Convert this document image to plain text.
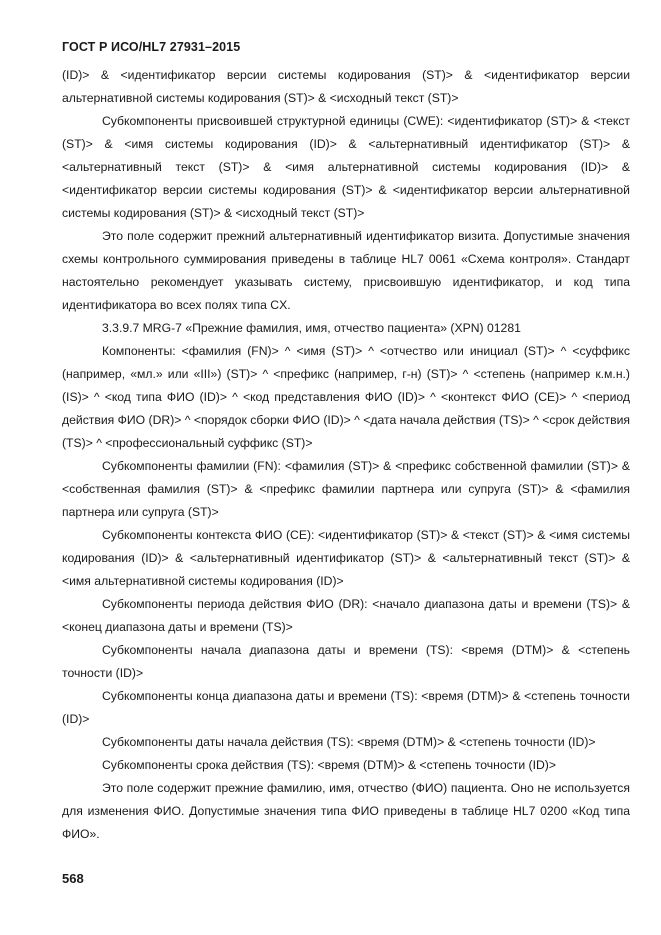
ГОСТ Р ИСО/HL7 27931–2015

(ID)> & <идентификатор версии системы кодирования (ST)> & <идентификатор версии альтернативной системы кодирования (ST)> & <исходный текст (ST)>

Субкомпоненты присвоившей структурной единицы (CWE): <идентификатор (ST)> & <текст (ST)> & <имя системы кодирования (ID)> & <альтернативный идентификатор (ST)> & <альтернативный текст (ST)> & <имя альтернативной системы кодирования (ID)> & <идентификатор версии системы кодирования (ST)> & <идентификатор версии альтернативной системы кодирования (ST)> & <исходный текст (ST)>

Это поле содержит прежний альтернативный идентификатор визита. Допустимые значения схемы контрольного суммирования приведены в таблице HL7 0061 «Схема контроля». Стандарт настоятельно рекомендует указывать систему, присвоившую идентификатор, и код типа идентификатора во всех полях типа CX.

3.3.9.7 MRG-7 «Прежние фамилия, имя, отчество пациента» (XPN) 01281

Компоненты: <фамилия (FN)> ^ <имя (ST)> ^ <отчество или инициал (ST)> ^ <суффикс (например, «мл.» или «III») (ST)> ^ <префикс (например, г-н) (ST)> ^ <степень (например к.м.н.) (IS)> ^ <код типа ФИО (ID)> ^ <код представления ФИО (ID)> ^ <контекст ФИО (CE)> ^ <период действия ФИО (DR)> ^ <порядок сборки ФИО (ID)> ^ <дата начала действия (TS)> ^ <срок действия (TS)> ^ <профессиональный суффикс (ST)>

Субкомпоненты фамилии (FN): <фамилия (ST)> & <префикс собственной фамилии (ST)> & <собственная фамилия (ST)> & <префикс фамилии партнера или супруга (ST)> & <фамилия партнера или супруга (ST)>

Субкомпоненты контекста ФИО (CE): <идентификатор (ST)> & <текст (ST)> & <имя системы кодирования (ID)> & <альтернативный идентификатор (ST)> & <альтернативный текст (ST)> & <имя альтернативной системы кодирования (ID)>

Субкомпоненты периода действия ФИО (DR): <начало диапазона даты и времени (TS)> & <конец диапазона даты и времени (TS)>

Субкомпоненты начала диапазона даты и времени (TS): <время (DTM)> & <степень точности (ID)>

Субкомпоненты конца диапазона даты и времени (TS): <время (DTM)> & <степень точности (ID)>

Субкомпоненты даты начала действия (TS): <время (DTM)> & <степень точности (ID)>

Субкомпоненты срока действия (TS): <время (DTM)> & <степень точности (ID)>

Это поле содержит прежние фамилию, имя, отчество (ФИО) пациента. Оно не используется для изменения ФИО. Допустимые значения типа ФИО приведены в таблице HL7 0200 «Код типа ФИО».

568
